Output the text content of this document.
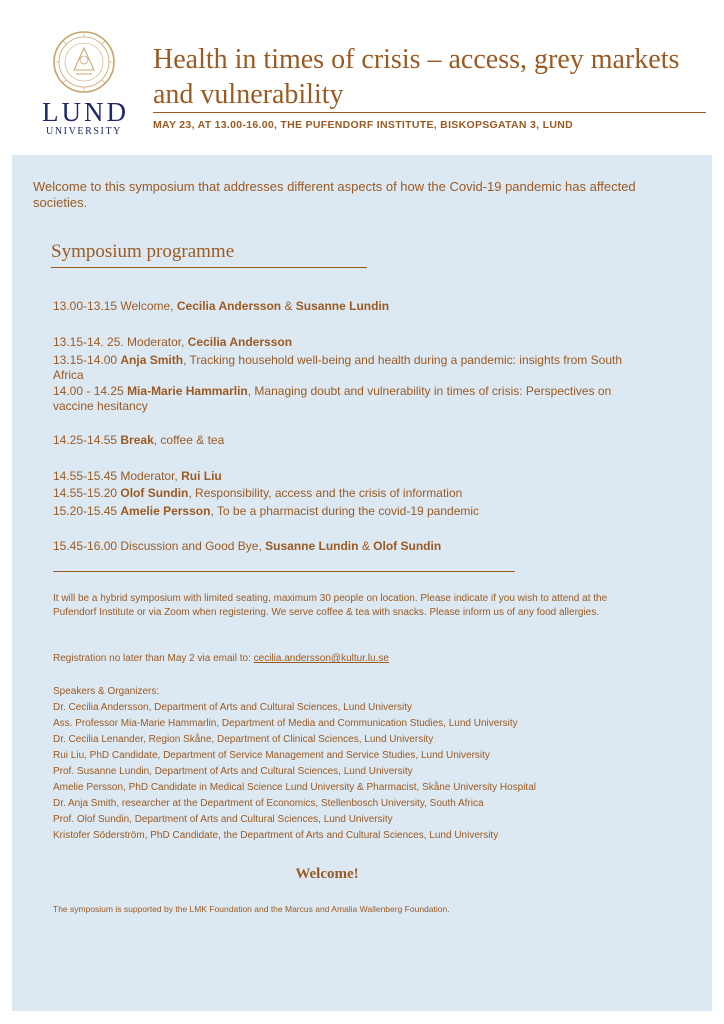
LUND
UNIVERSITY
Health in times of crisis – access, grey markets and vulnerability
MAY 23, AT 13.00-16.00, THE PUFENDORF INSTITUTE, BISKOPSGATAN 3, LUND

Welcome to this symposium that addresses different aspects of how the Covid-19 pandemic has affected societies.

Symposium programme

13.00-13.15 Welcome, Cecilia Andersson & Susanne Lundin

13.15-14. 25. Moderator, Cecilia Andersson

13.15-14.00 Anja Smith, Tracking household well-being and health during a pandemic: insights from South Africa

14.00 - 14.25 Mia-Marie Hammarlin, Managing doubt and vulnerability in times of crisis: Perspectives on vaccine hesitancy

14.25-14.55 Break, coffee & tea

14.55-15.45 Moderator, Rui Liu

14.55-15.20 Olof Sundin, Responsibility, access and the crisis of information

15.20-15.45 Amelie Persson, To be a pharmacist during the covid-19 pandemic

15.45-16.00 Discussion and Good Bye, Susanne Lundin & Olof Sundin

It will be a hybrid symposium with limited seating, maximum 30 people on location. Please indicate if you wish to attend at the Pufendorf Institute or via Zoom when registering. We serve coffee & tea with snacks. Please inform us of any food allergies.

Registration no later than May 2 via email to: cecilia.andersson@kultur.lu.se

Speakers & Organizers:
Dr. Cecilia Andersson, Department of Arts and Cultural Sciences, Lund University
Ass. Professor Mia-Marie Hammarlin, Department of Media and Communication Studies, Lund University
Dr. Cecilia Lenander, Region Skåne, Department of Clinical Sciences, Lund University
Rui Liu, PhD Candidate, Department of Service Management and Service Studies, Lund University
Prof. Susanne Lundin, Department of Arts and Cultural Sciences, Lund University
Amelie Persson, PhD Candidate in Medical Science Lund University & Pharmacist, Skåne University Hospital
Dr. Anja Smith, researcher at the Department of Economics, Stellenbosch University, South Africa
Prof. Olof Sundin, Department of Arts and Cultural Sciences, Lund University
Kristofer Söderström, PhD Candidate, the Department of Arts and Cultural Sciences, Lund University
Welcome!
The symposium is supported by the LMK Foundation and the Marcus and Amalia Wallenberg Foundation.
